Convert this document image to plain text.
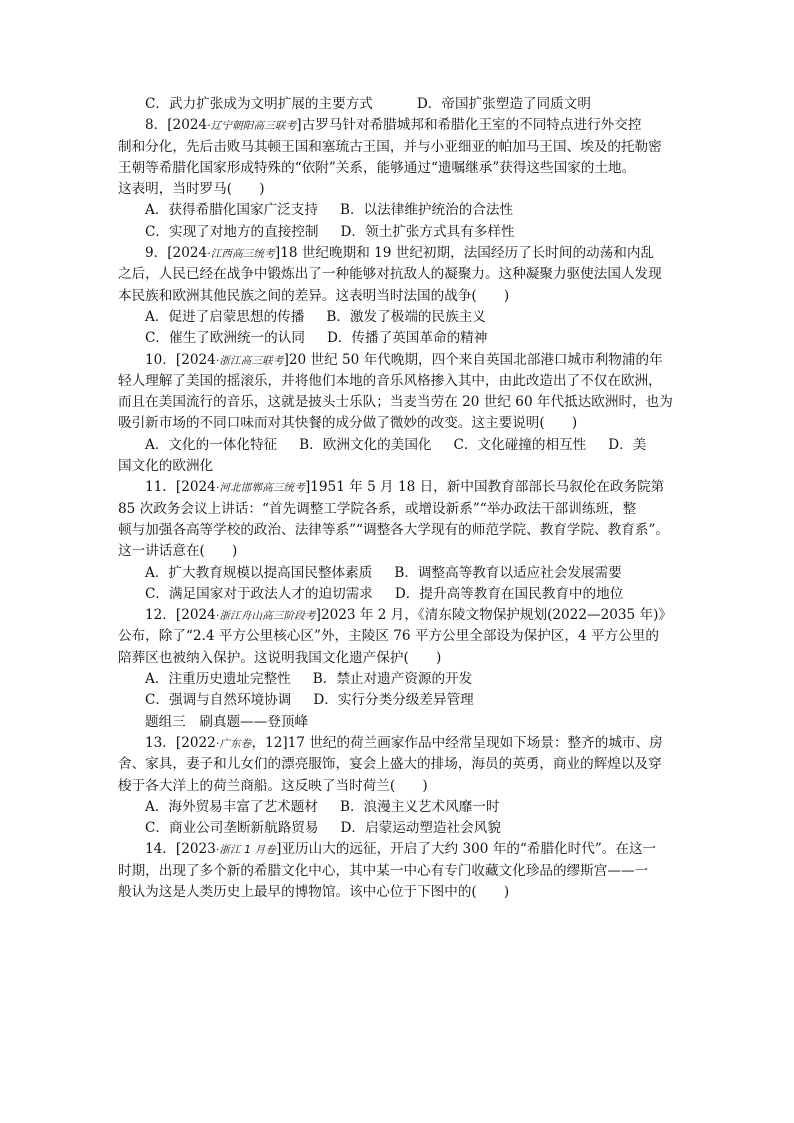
C．武力扩张成为文明扩展的主要方式	D．帝国扩张塑造了同质文明
8．[2024·辽宁朝阳高三联考]古罗马针对希腊城邦和希腊化王室的不同特点进行外交控
制和分化，先后击败马其顿王国和塞琉古王国，并与小亚细亚的帕加马王国、埃及的托勒密
王朝等希腊化国家形成特殊的“依附”关系，能够通过“遗嘱继承”获得这些国家的土地。
这表明，当时罗马(　　)
A．获得希腊化国家广泛支持 B．以法律维护统治的合法性
C．实现了对地方的直接控制 D．领土扩张方式具有多样性
9．[2024·江西高三统考]18 世纪晚期和 19 世纪初期，法国经历了长时间的动荡和内乱
之后，人民已经在战争中锻炼出了一种能够对抗敌人的凝聚力。这种凝聚力驱使法国人发现
本民族和欧洲其他民族之间的差异。这表明当时法国的战争(　　)
A．促进了启蒙思想的传播 B．激发了极端的民族主义
C．催生了欧洲统一的认同 D．传播了英国革命的精神
10．[2024·浙江高三联考]20 世纪 50 年代晚期，四个来自英国北部港口城市利物浦的年
轻人理解了美国的摇滚乐，并将他们本地的音乐风格掺入其中，由此改造出了不仅在欧洲，
而且在美国流行的音乐，这就是披头士乐队；当麦当劳在 20 世纪 60 年代抵达欧洲时，也为
吸引新市场的不同口味而对其快餐的成分做了微妙的改变。这主要说明(　　)
A．文化的一体化特征 B．欧洲文化的美国化 C．文化碰撞的相互性 D．美
国文化的欧洲化
11．[2024·河北邯郸高三统考]1951 年 5 月 18 日，新中国教育部部长马叙伦在政务院第
85 次政务会议上讲话：“首先调整工学院各系，或增设新系”“举办政法干部训练班，整
顿与加强各高等学校的政治、法律等系”“调整各大学现有的师范学院、教育学院、教育系”。
这一讲话意在(　　)
A．扩大教育规模以提高国民整体素质 B．调整高等教育以适应社会发展需要
C．满足国家对于政法人才的迫切需求 D．提升高等教育在国民教育中的地位
12．[2024·浙江舟山高三阶段考]2023 年 2 月，《清东陵文物保护规划(2022—2035 年)》
公布，除了“2.4 平方公里核心区”外，主陵区 76 平方公里全部设为保护区，4 平方公里的
陪葬区也被纳入保护。这说明我国文化遗产保护(　　)
A．注重历史遗址完整性 B．禁止对遗产资源的开发
C．强调与自然环境协调 D．实行分类分级差异管理
题组三　刷真题——登顶峰
13．[2022·广东卷，12]17 世纪的荷兰画家作品中经常呈现如下场景：整齐的城市、房
舍、家具，妻子和儿女们的漂亮服饰，宴会上盛大的排场，海员的英勇，商业的辉煌以及穿
梭于各大洋上的荷兰商船。这反映了当时荷兰(　　)
A．海外贸易丰富了艺术题材 B．浪漫主义艺术风靡一时
C．商业公司垄断新航路贸易 D．启蒙运动塑造社会风貌
14．[2023·浙江 1 月卷]亚历山大的远征，开启了大约 300 年的“希腊化时代”。在这一
时期，出现了多个新的希腊文化中心，其中某一中心有专门收藏文化珍品的缪斯宫——一
般认为这是人类历史上最早的博物馆。该中心位于下图中的(　　)
